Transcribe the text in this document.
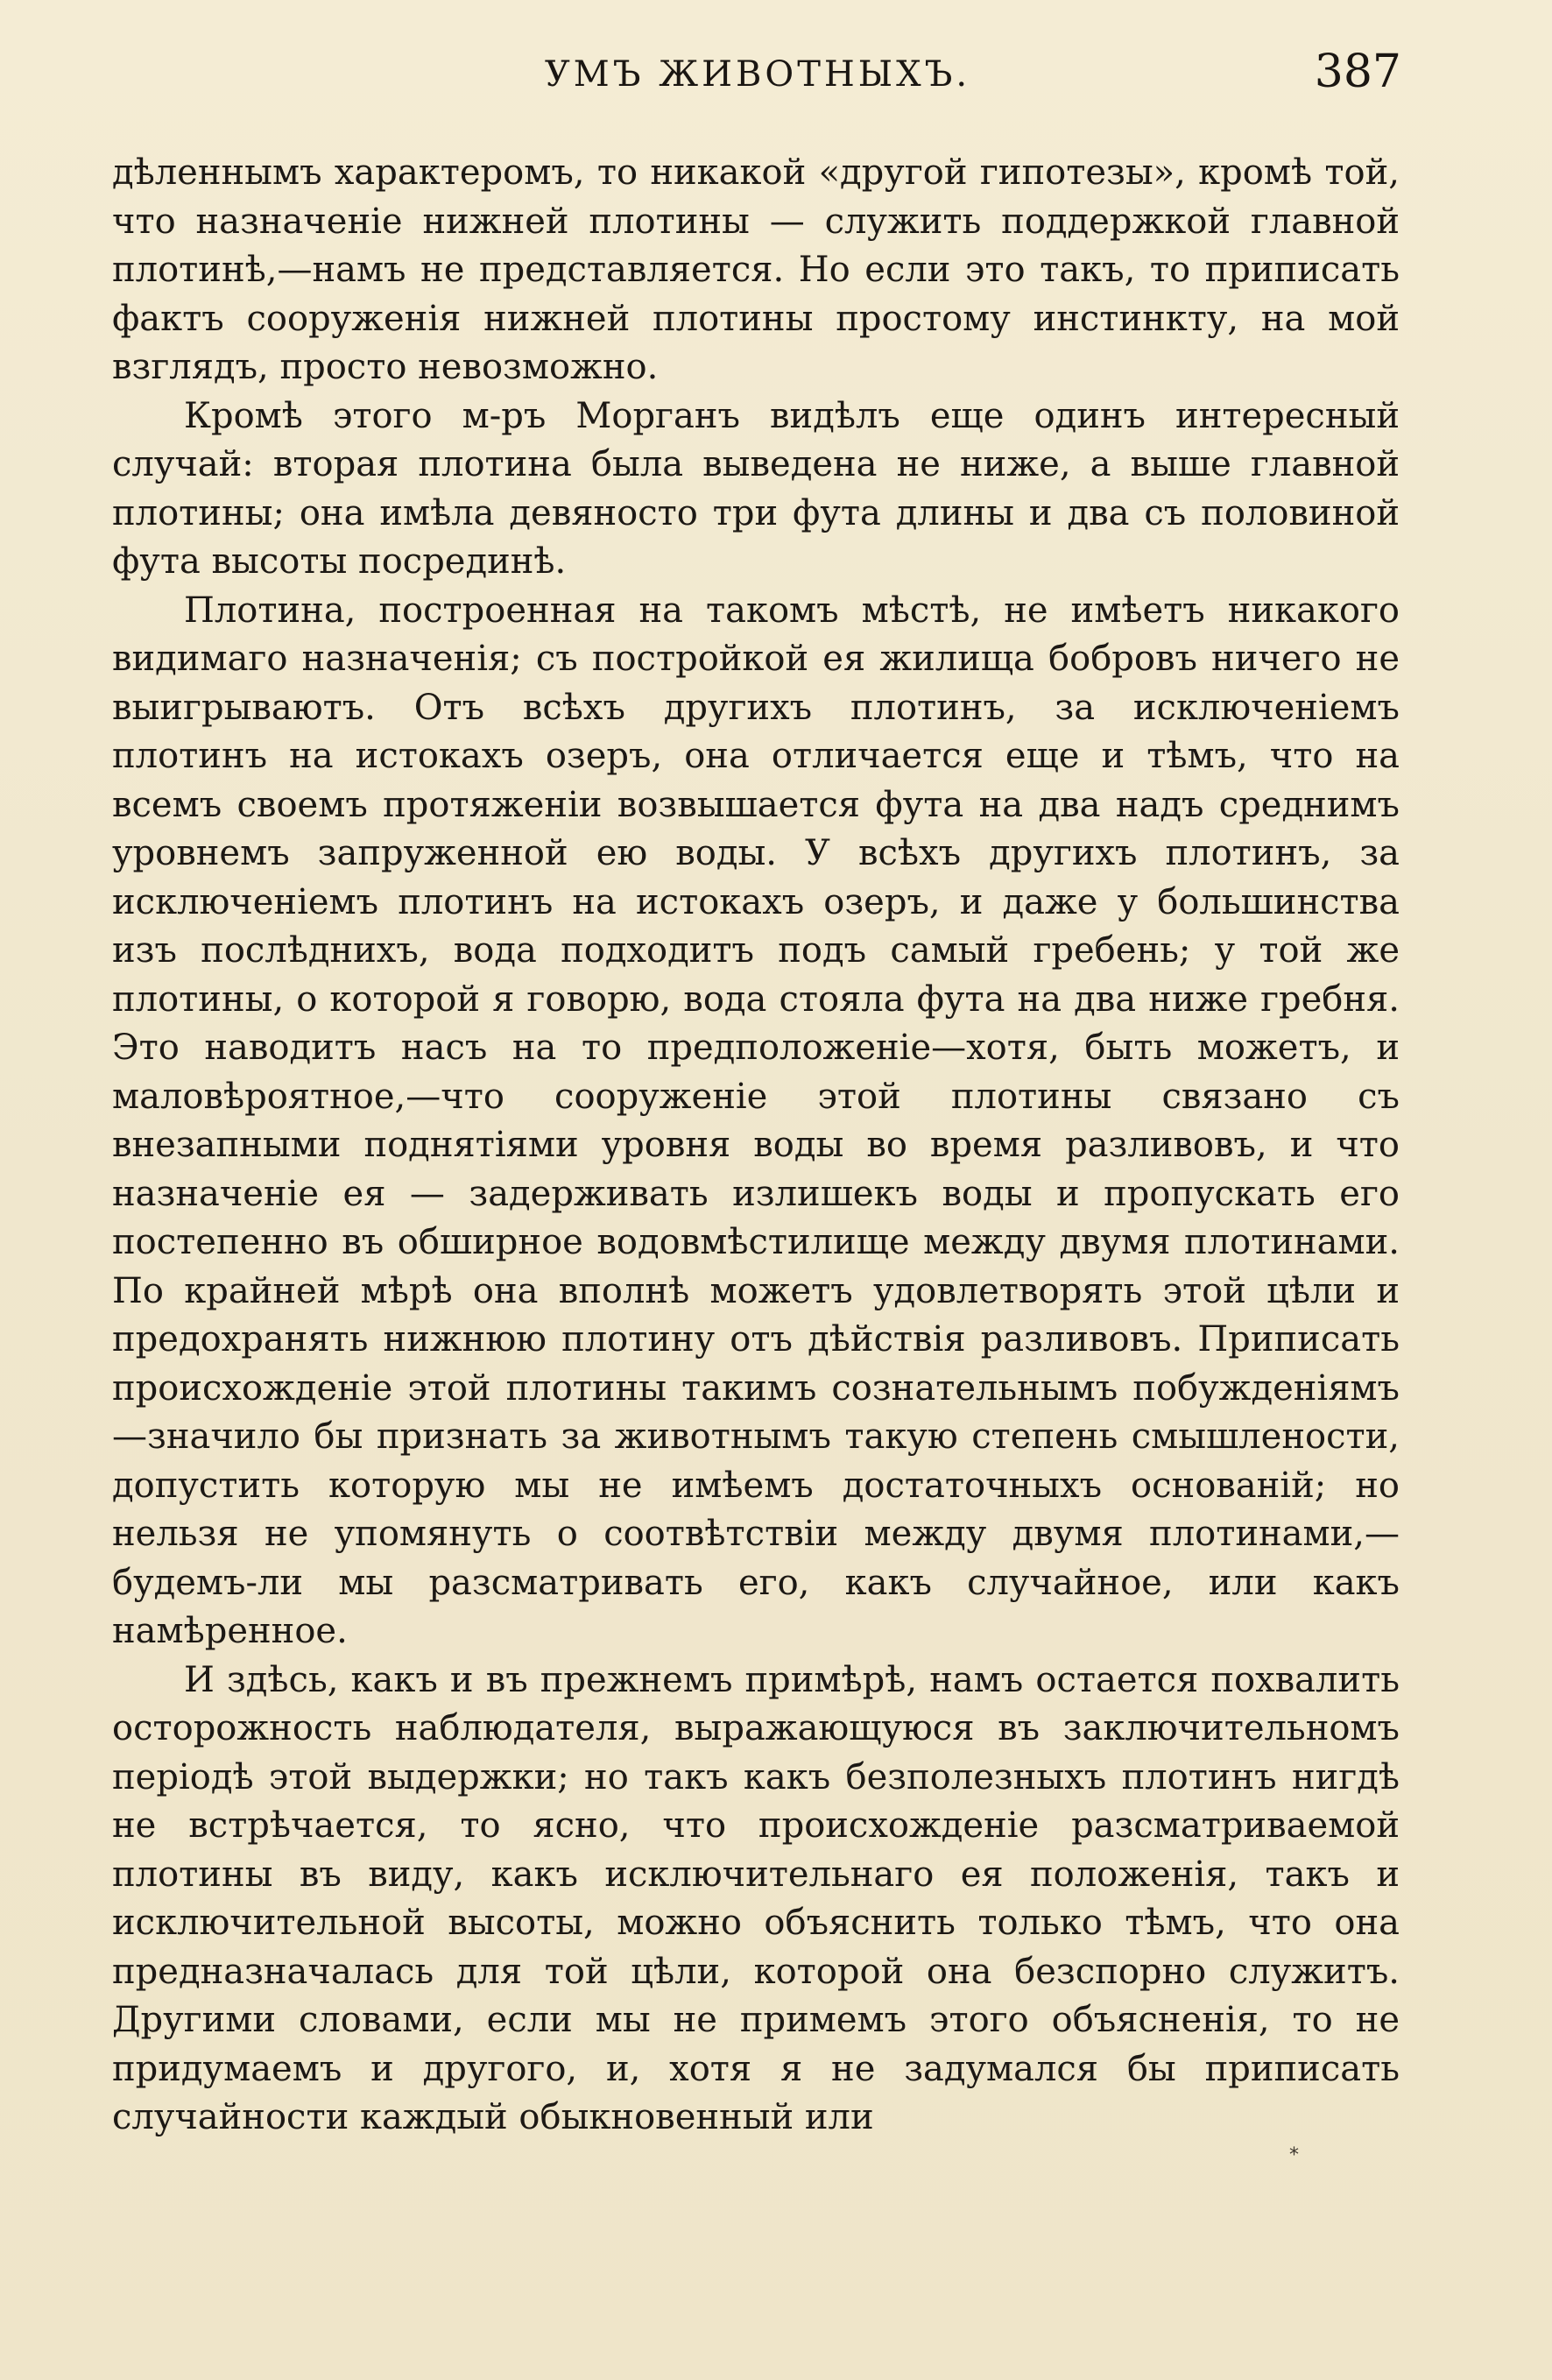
УМЪ ЖИВОТНЫХЪ.	387

дѣленнымъ характеромъ, то никакой «другой гипотезы», кромѣ той, что назначеніе нижней плотины — служить поддержкой главной плотинѣ,—намъ не представляется. Но если это такъ, то приписать фактъ сооруженія нижней плотины простому инстинкту, на мой взглядъ, просто невозможно.

Кромѣ этого м-ръ Морганъ видѣлъ еще одинъ интересный случай: вторая плотина была выведена не ниже, а выше главной плотины; она имѣла девяносто три фута длины и два съ половиной фута высоты посрединѣ.

Плотина, построенная на такомъ мѣстѣ, не имѣетъ никакого видимаго назначенія; съ постройкой ея жилища бобровъ ничего не выигрываютъ. Отъ всѣхъ другихъ плотинъ, за исключеніемъ плотинъ на истокахъ озеръ, она отличается еще и тѣмъ, что на всемъ своемъ протяженіи возвышается фута на два надъ среднимъ уровнемъ запруженной ею воды. У всѣхъ другихъ плотинъ, за исключеніемъ плотинъ на истокахъ озеръ, и даже у большинства изъ послѣднихъ, вода подходитъ подъ самый гребень; у той же плотины, о которой я говорю, вода стояла фута на два ниже гребня. Это наводитъ насъ на то предположеніе—хотя, быть можетъ, и маловѣроятное,—что сооруженіе этой плотины связано съ внезапными поднятіями уровня воды во время разливовъ, и что назначеніе ея — задерживать излишекъ воды и пропускать его постепенно въ обширное водовмѣстилище между двумя плотинами. По крайней мѣрѣ она вполнѣ можетъ удовлетворять этой цѣли и предохранять нижнюю плотину отъ дѣйствія разливовъ. Приписать происхожденіе этой плотины такимъ сознательнымъ побужденіямъ—значило бы признать за животнымъ такую степень смышлености, допустить которую мы не имѣемъ достаточныхъ основаній; но нельзя не упомянуть о соотвѣтствіи между двумя плотинами,—будемъ-ли мы разсматривать его, какъ случайное, или какъ намѣренное.

И здѣсь, какъ и въ прежнемъ примѣрѣ, намъ остается похвалить осторожность наблюдателя, выражающуюся въ заключительномъ періодѣ этой выдержки; но такъ какъ безполезныхъ плотинъ нигдѣ не встрѣчается, то ясно, что происхожденіе разсматриваемой плотины въ виду, какъ исключительнаго ея положенія, такъ и исключительной высоты, можно объяснить только тѣмъ, что она предназначалась для той цѣли, которой она безспорно служитъ. Другими словами, если мы не примемъ этого объясненія, то не придумаемъ и другого, и, хотя я не задумался бы приписать случайности каждый обыкновенный или

*
